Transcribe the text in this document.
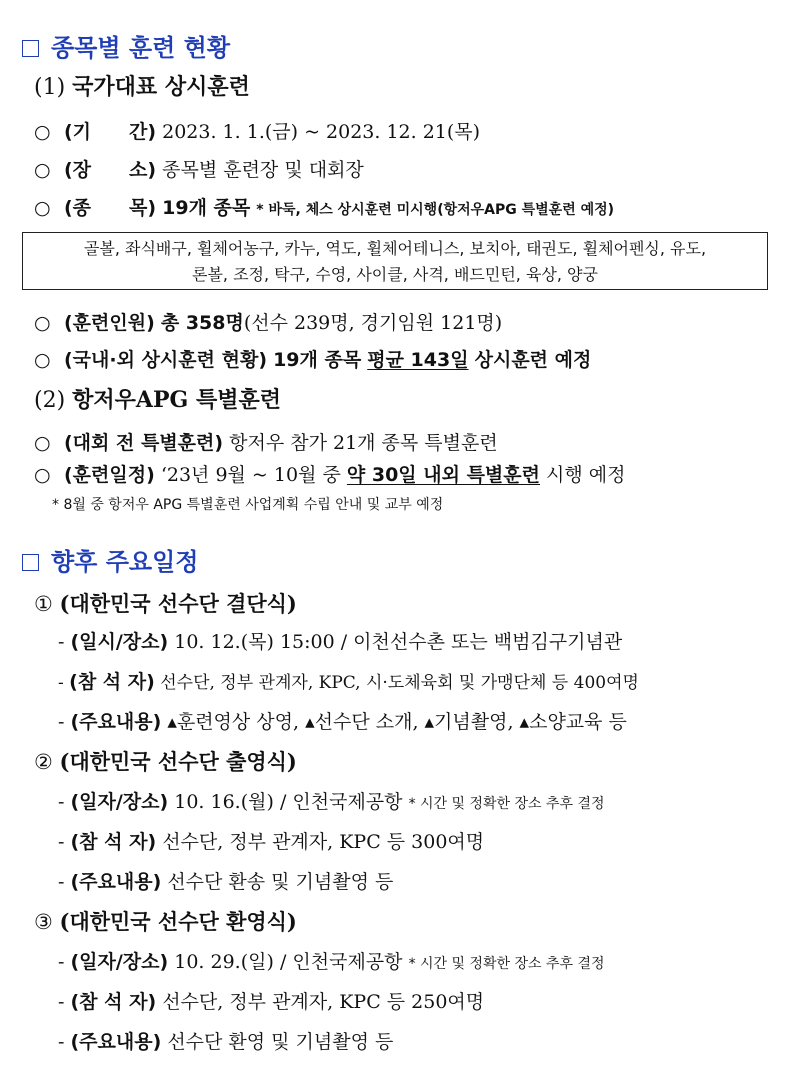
종목별 훈련 현황
(1) 국가대표 상시훈련
○ (기　　간) 2023. 1. 1.(금) ~ 2023. 12. 21(목)
○ (장　　소) 종목별 훈련장 및 대회장
○ (종　　목) 19개 종목 * 바둑, 체스 상시훈련 미시행(항저우APG 특별훈련 예정)
골볼, 좌식배구, 휠체어농구, 카누, 역도, 휠체어테니스, 보치아, 태권도, 휠체어펜싱, 유도,
론볼, 조정, 탁구, 수영, 사이클, 사격, 배드민턴, 육상, 양궁
○ (훈련인원) 총 358명(선수 239명, 경기임원 121명)
○ (국내·외 상시훈련 현황) 19개 종목 평균 143일 상시훈련 예정
(2) 항저우APG 특별훈련
○ (대회 전 특별훈련) 항저우 참가 21개 종목 특별훈련
○ (훈련일정) ‘23년 9월 ~ 10월 중 약 30일 내외 특별훈련 시행 예정
* 8월 중 항저우 APG 특별훈련 사업계획 수립 안내 및 교부 예정
향후 주요일정
① (대한민국 선수단 결단식)
- (일시/장소) 10. 12.(목) 15:00 / 이천선수촌 또는 백범김구기념관
- (참 석 자) 선수단, 정부 관계자, KPC, 시·도체육회 및 가맹단체 등 400여명
- (주요내용) ▴훈련영상 상영, ▴선수단 소개, ▴기념촬영, ▴소양교육 등
② (대한민국 선수단 출영식)
- (일자/장소) 10. 16.(월) / 인천국제공항 * 시간 및 정확한 장소 추후 결정
- (참 석 자) 선수단, 정부 관계자, KPC 등 300여명
- (주요내용) 선수단 환송 및 기념촬영 등
③ (대한민국 선수단 환영식)
- (일자/장소) 10. 29.(일) / 인천국제공항 * 시간 및 정확한 장소 추후 결정
- (참 석 자) 선수단, 정부 관계자, KPC 등 250여명
- (주요내용) 선수단 환영 및 기념촬영 등
